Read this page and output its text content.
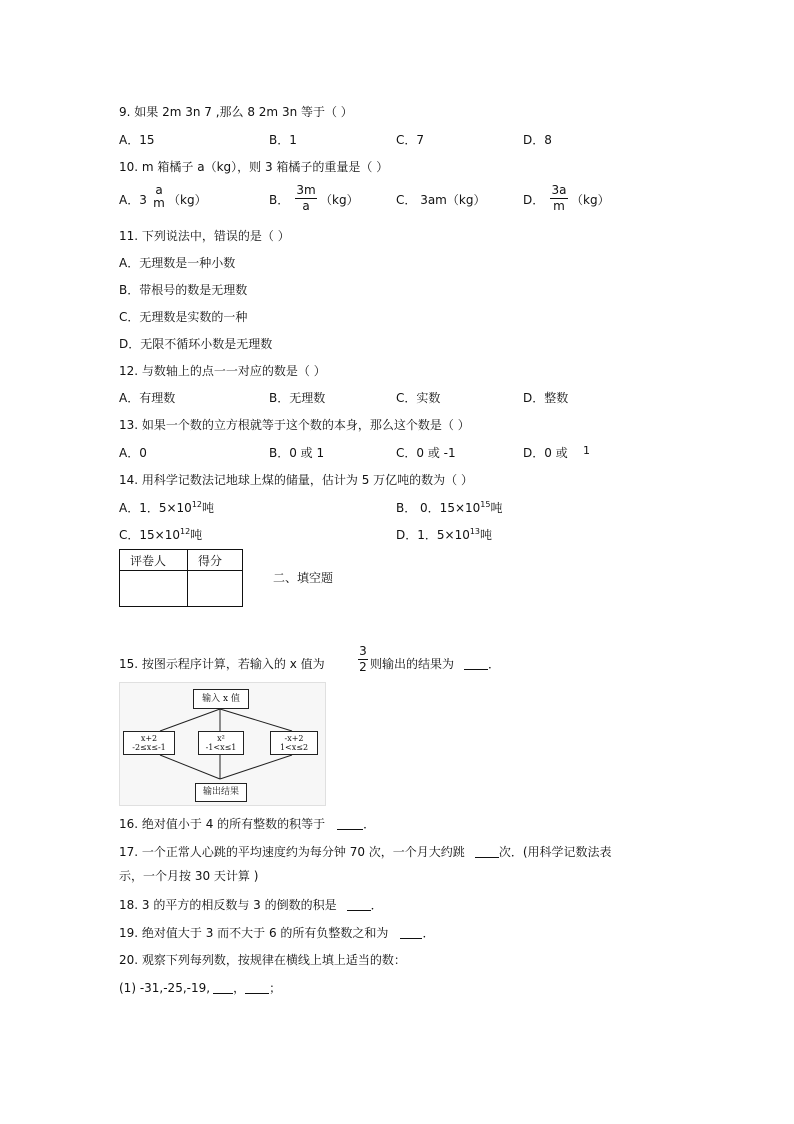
9. 如果 2m 3n 7 ,那么 8 2m 3n 等于（ ）
A．15	B．1	C．7	D．8
10. m 箱橘子 a（kg），则 3 箱橘子的重量是（ ）
A．3
a
m （kg）	B．
3m
a （kg）	C． 3am（kg）	D．
3a
m （kg）
11. 下列说法中，错误的是（ ）
A．无理数是一种小数
B．带根号的数是无理数
C．无理数是实数的一种
D．无限不循环小数是无理数
12. 与数轴上的点一一对应的数是（ ）
A．有理数	B．无理数	C．实数	D．整数
13. 如果一个数的立方根就等于这个数的本身，那么这个数是（ ）
A．0	B．0 或 1	C．0 或 -1	D．0 或 1
14. 用科学记数法记地球上煤的储量，估计为 5 万亿吨的数为（ ）
A．1．$5\times 10^{12}$吨	B． 0．$15\times 10^{15}$吨
C．$15\times 10^{12}$吨	D．1．$5\times 10^{13}$吨
评卷人	得分

二、填空题
15. 按图示程序计算，若输入的 x 值为
3
2 则输出的结果为	．
输入 x 值
x+2
-2≤x≤-1
x²
-1<x≤1
-x+2
1<x≤2
输出结果
16. 绝对值小于 4 的所有整数的积等于	．
17. 一个正常人心跳的平均速度约为每分钟 70 次，一个月大约跳	次．(用科学记数法表
示，一个月按 30 天计算 )
18. 3 的平方的相反数与 3 的倒数的积是	．
19. 绝对值大于 3 而不大于 6 的所有负整数之和为	．
20. 观察下列每列数，按规律在横线上填上适当的数：
(1) -31,-25,-19, ， ；
